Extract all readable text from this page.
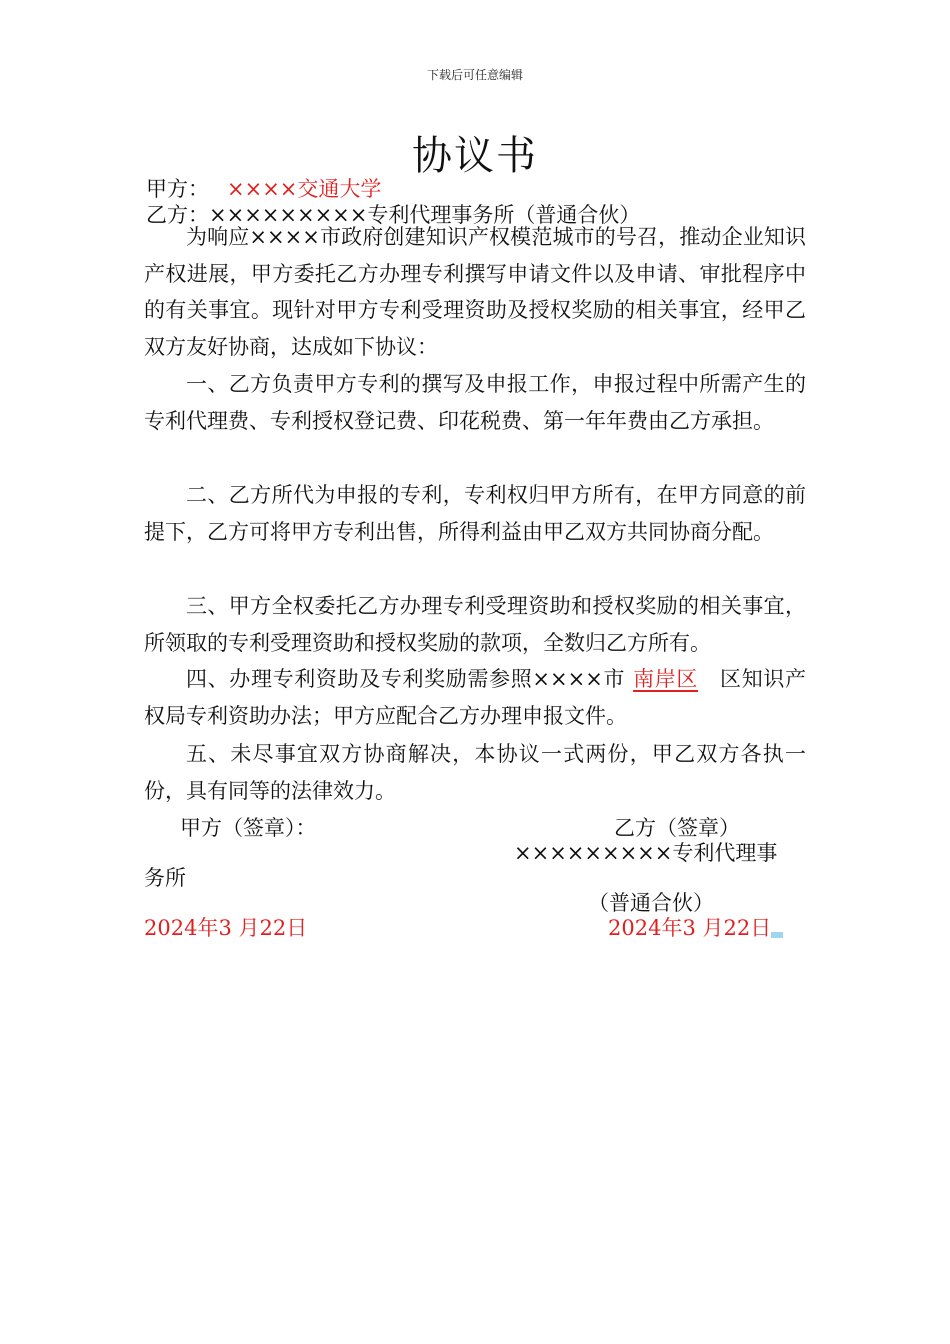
下载后可任意编辑
协议书
甲方： ××××交通大学
乙方：×××××××××专利代理事务所（普通合伙）

为响应××××市政府创建知识产权模范城市的号召，推动企业知识产权进展，甲方委托乙方办理专利撰写申请文件以及申请、审批程序中的有关事宜。现针对甲方专利受理资助及授权奖励的相关事宜，经甲乙双方友好协商，达成如下协议：

一、乙方负责甲方专利的撰写及申报工作，申报过程中所需产生的专利代理费、专利授权登记费、印花税费、第一年年费由乙方承担。

二、乙方所代为申报的专利，专利权归甲方所有，在甲方同意的前提下，乙方可将甲方专利出售，所得利益由甲乙双方共同协商分配。

三、甲方全权委托乙方办理专利受理资助和授权奖励的相关事宜，所领取的专利受理资助和授权奖励的款项，全数归乙方所有。

四、办理专利资助及专利奖励需参照××××市 南岸区 区知识产权局专利资助办法；甲方应配合乙方办理申报文件。

五、未尽事宜双方协商解决，本协议一式两份，甲乙双方各执一份，具有同等的法律效力。

甲方（签章）：	乙方（签章）
×××××××××专利代理事
务所
（普通合伙）
2024年3 月22日	2024年3 月22日
